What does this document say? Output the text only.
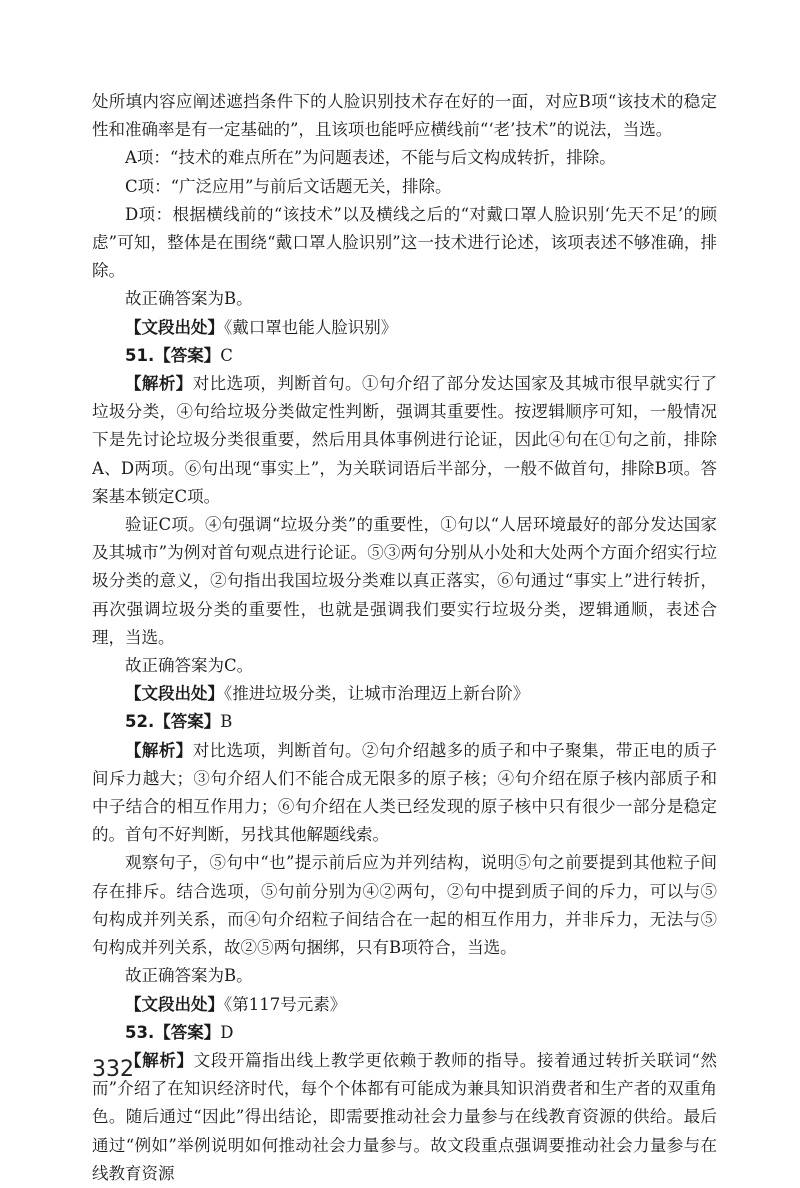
处所填内容应阐述遮挡条件下的人脸识别技术存在好的一面，对应B项“该技术的稳定性和准确率是有一定基础的”，且该项也能呼应横线前“‘老’技术”的说法，当选。

A项：“技术的难点所在”为问题表述，不能与后文构成转折，排除。

C项：“广泛应用”与前后文话题无关，排除。

D项：根据横线前的“该技术”以及横线之后的“对戴口罩人脸识别‘先天不足’的顾虑”可知，整体是在围绕“戴口罩人脸识别”这一技术进行论述，该项表述不够准确，排除。

故正确答案为B。

【文段出处】《戴口罩也能人脸识别》

51.【答案】C

【解析】对比选项，判断首句。①句介绍了部分发达国家及其城市很早就实行了垃圾分类，④句给垃圾分类做定性判断，强调其重要性。按逻辑顺序可知，一般情况下是先讨论垃圾分类很重要，然后用具体事例进行论证，因此④句在①句之前，排除A、D两项。⑥句出现“事实上”，为关联词语后半部分，一般不做首句，排除B项。答案基本锁定C项。

验证C项。④句强调“垃圾分类”的重要性，①句以“人居环境最好的部分发达国家及其城市”为例对首句观点进行论证。⑤③两句分别从小处和大处两个方面介绍实行垃圾分类的意义，②句指出我国垃圾分类难以真正落实，⑥句通过“事实上”进行转折，再次强调垃圾分类的重要性，也就是强调我们要实行垃圾分类，逻辑通顺，表述合理，当选。

故正确答案为C。

【文段出处】《推进垃圾分类，让城市治理迈上新台阶》

52.【答案】B

【解析】对比选项，判断首句。②句介绍越多的质子和中子聚集，带正电的质子间斥力越大；③句介绍人们不能合成无限多的原子核；④句介绍在原子核内部质子和中子结合的相互作用力；⑥句介绍在人类已经发现的原子核中只有很少一部分是稳定的。首句不好判断，另找其他解题线索。

观察句子，⑤句中“也”提示前后应为并列结构，说明⑤句之前要提到其他粒子间存在排斥。结合选项，⑤句前分别为④②两句，②句中提到质子间的斥力，可以与⑤句构成并列关系，而④句介绍粒子间结合在一起的相互作用力，并非斥力，无法与⑤句构成并列关系，故②⑤两句捆绑，只有B项符合，当选。

故正确答案为B。

【文段出处】《第117号元素》

53.【答案】D

【解析】文段开篇指出线上教学更依赖于教师的指导。接着通过转折关联词“然而”介绍了在知识经济时代，每个个体都有可能成为兼具知识消费者和生产者的双重角色。随后通过“因此”得出结论，即需要推动社会力量参与在线教育资源的供给。最后通过“例如”举例说明如何推动社会力量参与。故文段重点强调要推动社会力量参与在线教育资源

332
